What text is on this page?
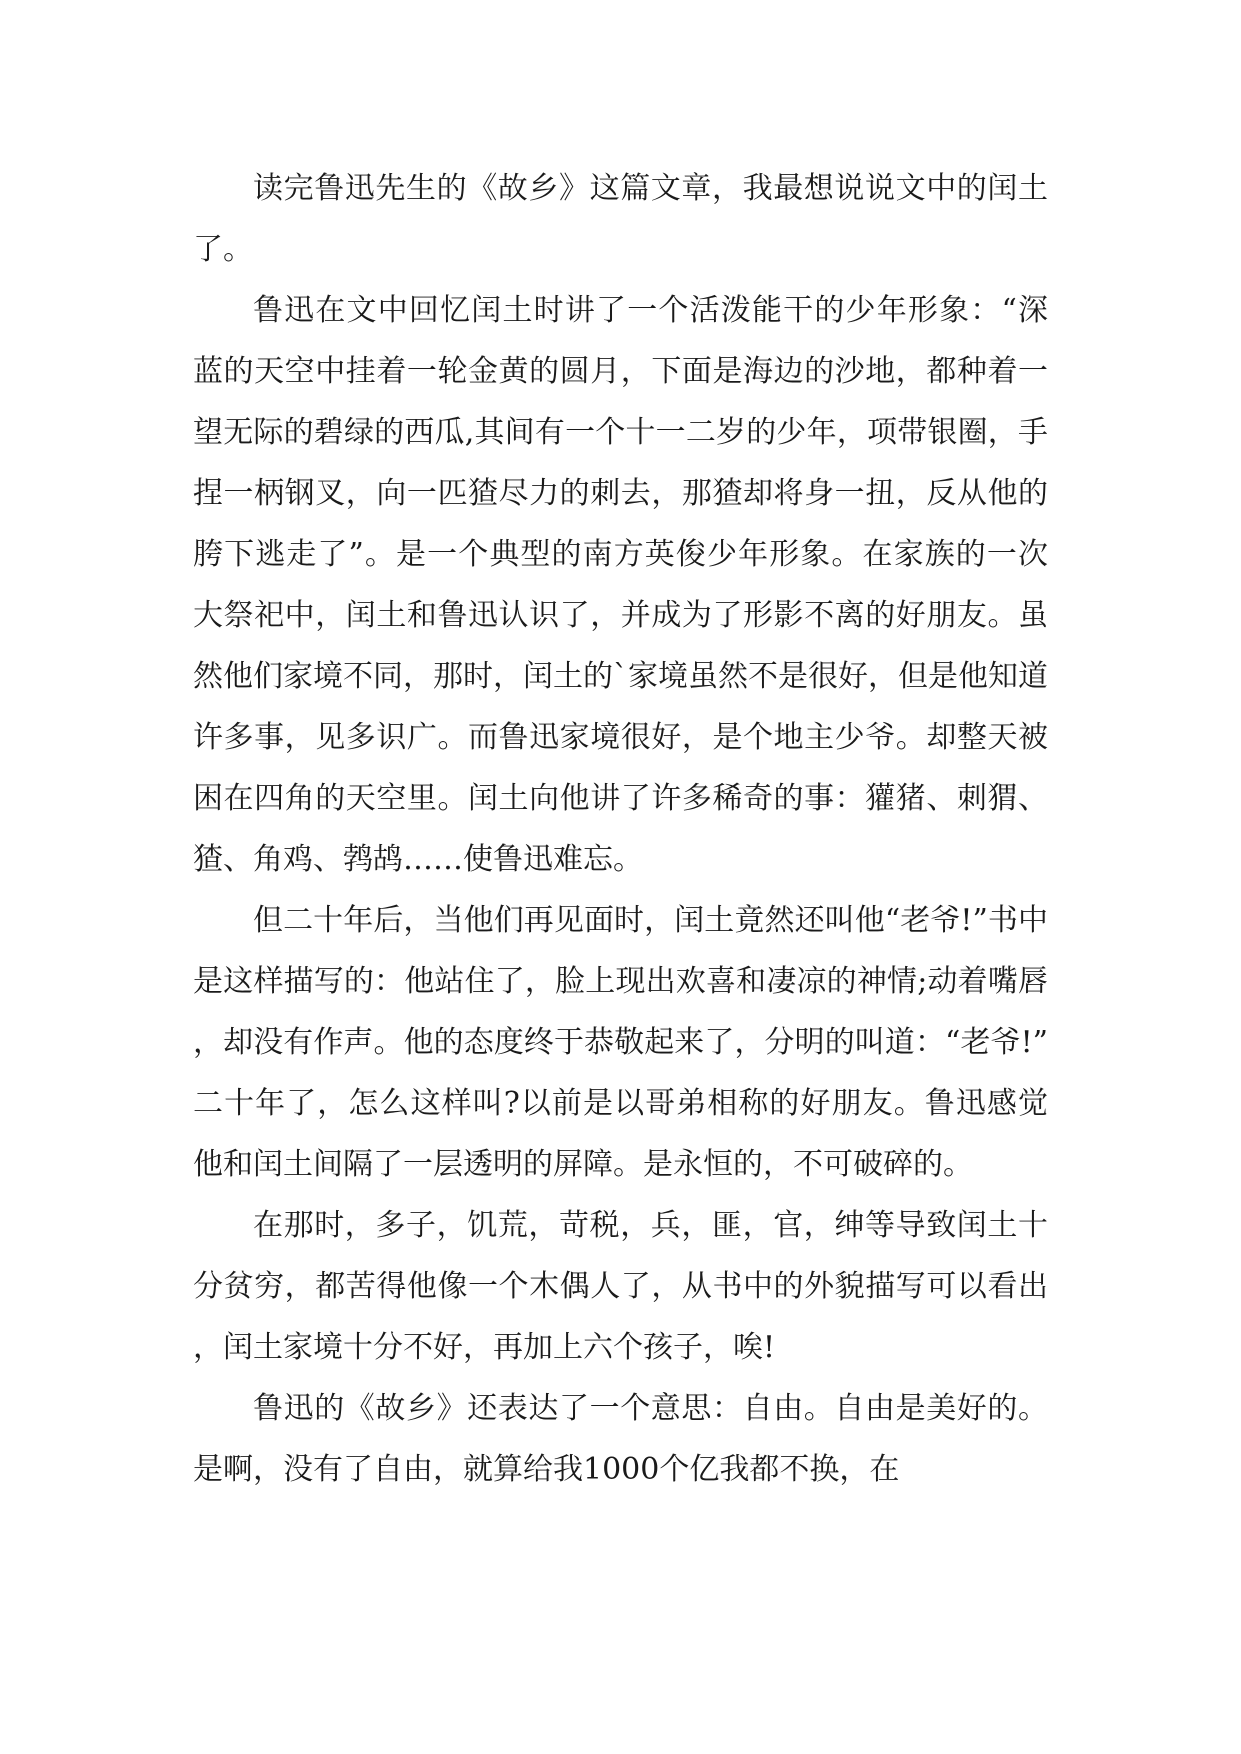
读完鲁迅先生的《故乡》这篇文章，我最想说说文中的闰土了。

鲁迅在文中回忆闰土时讲了一个活泼能干的少年形象：“深蓝的天空中挂着一轮金黄的圆月，下面是海边的沙地，都种着一望无际的碧绿的西瓜,其间有一个十一二岁的少年，项带银圈，手捏一柄钢叉，向一匹猹尽力的刺去，那猹却将身一扭，反从他的胯下逃走了”。是一个典型的南方英俊少年形象。在家族的一次大祭祀中，闰土和鲁迅认识了，并成为了形影不离的好朋友。虽然他们家境不同，那时，闰土的`家境虽然不是很好，但是他知道许多事，见多识广。而鲁迅家境很好，是个地主少爷。却整天被困在四角的天空里。闰土向他讲了许多稀奇的事：獾猪、刺猬、猹、角鸡、鹁鸪……使鲁迅难忘。

但二十年后，当他们再见面时，闰土竟然还叫他“老爷!”书中是这样描写的：他站住了，脸上现出欢喜和凄凉的神情;动着嘴唇，却没有作声。他的态度终于恭敬起来了，分明的叫道：“老爷!”二十年了，怎么这样叫?以前是以哥弟相称的好朋友。鲁迅感觉他和闰土间隔了一层透明的屏障。是永恒的，不可破碎的。

在那时，多子，饥荒，苛税，兵，匪，官，绅等导致闰土十分贫穷，都苦得他像一个木偶人了，从书中的外貌描写可以看出，闰土家境十分不好，再加上六个孩子，唉!

鲁迅的《故乡》还表达了一个意思：自由。自由是美好的。是啊，没有了自由，就算给我1000个亿我都不换，在
